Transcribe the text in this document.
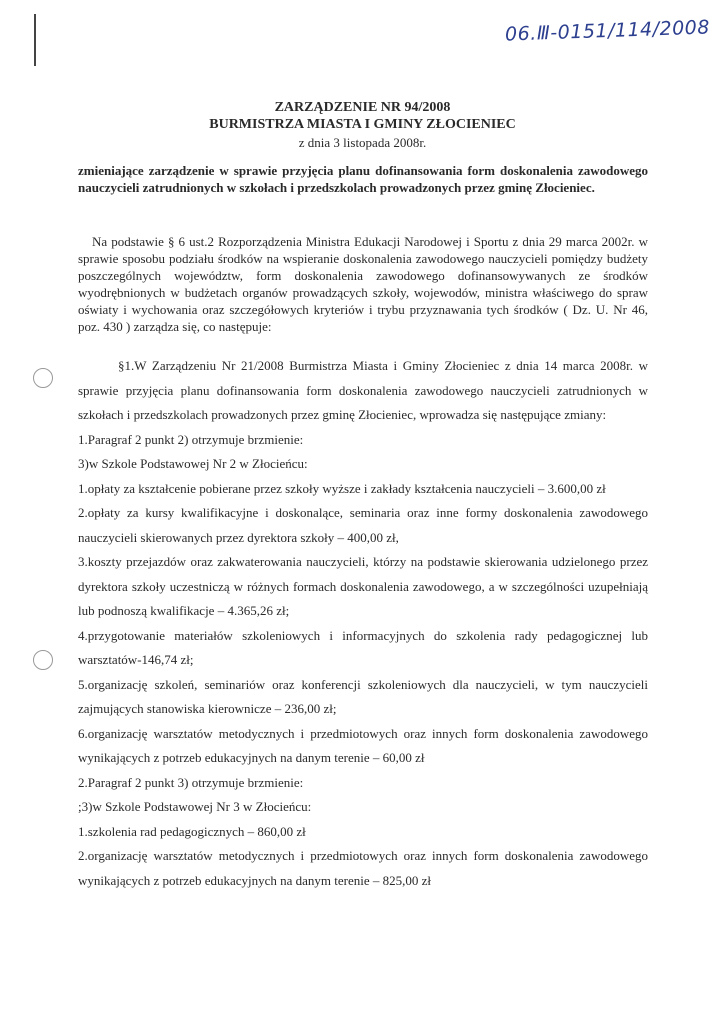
06.Ⅲ-0151/114/2008
ZARZĄDZENIE NR 94/2008
BURMISTRZA MIASTA I GMINY ZŁOCIENIEC
z dnia 3 listopada 2008r.
zmieniające zarządzenie w sprawie przyjęcia planu dofinansowania form doskonalenia zawodowego nauczycieli zatrudnionych w szkołach i przedszkolach prowadzonych przez gminę Złocieniec.
Na podstawie § 6 ust.2 Rozporządzenia Ministra Edukacji Narodowej i Sportu z dnia 29 marca 2002r. w sprawie sposobu podziału środków na wspieranie doskonalenia zawodowego nauczycieli pomiędzy budżety poszczególnych województw, form doskonalenia zawodowego dofinansowywanych ze środków wyodrębnionych w budżetach organów prowadzących szkoły, wojewodów, ministra właściwego do spraw oświaty i wychowania oraz szczegółowych kryteriów i trybu przyznawania tych środków ( Dz. U. Nr 46, poz. 430 ) zarządza się, co następuje:

§1.W Zarządzeniu Nr 21/2008 Burmistrza Miasta i Gminy Złocieniec z dnia 14 marca 2008r. w sprawie przyjęcia planu dofinansowania form doskonalenia zawodowego nauczycieli zatrudnionych w szkołach i przedszkolach prowadzonych przez gminę Złocieniec, wprowadza się następujące zmiany:

1.Paragraf 2 punkt 2) otrzymuje brzmienie:

3)w Szkole Podstawowej Nr 2 w Złocieńcu:

1.opłaty za kształcenie pobierane przez szkoły wyższe i zakłady kształcenia nauczycieli – 3.600,00 zł

2.opłaty za kursy kwalifikacyjne i doskonalące, seminaria oraz inne formy doskonalenia zawodowego nauczycieli skierowanych przez dyrektora szkoły – 400,00 zł,

3.koszty przejazdów oraz zakwaterowania nauczycieli, którzy na podstawie skierowania udzielonego przez dyrektora szkoły uczestniczą w różnych formach doskonalenia zawodowego, a w szczególności uzupełniają lub podnoszą kwalifikacje – 4.365,26 zł;

4.przygotowanie materiałów szkoleniowych i informacyjnych do szkolenia rady pedagogicznej lub warsztatów-146,74 zł;

5.organizację szkoleń, seminariów oraz konferencji szkoleniowych dla nauczycieli, w tym nauczycieli zajmujących stanowiska kierownicze – 236,00 zł;

6.organizację warsztatów metodycznych i przedmiotowych oraz innych form doskonalenia zawodowego wynikających z potrzeb edukacyjnych na danym terenie – 60,00 zł

2.Paragraf 2 punkt 3) otrzymuje brzmienie:

;3)w Szkole Podstawowej Nr 3 w Złocieńcu:

1.szkolenia rad pedagogicznych – 860,00 zł

2.organizację warsztatów metodycznych i przedmiotowych oraz innych form doskonalenia zawodowego wynikających z potrzeb edukacyjnych na danym terenie – 825,00 zł
